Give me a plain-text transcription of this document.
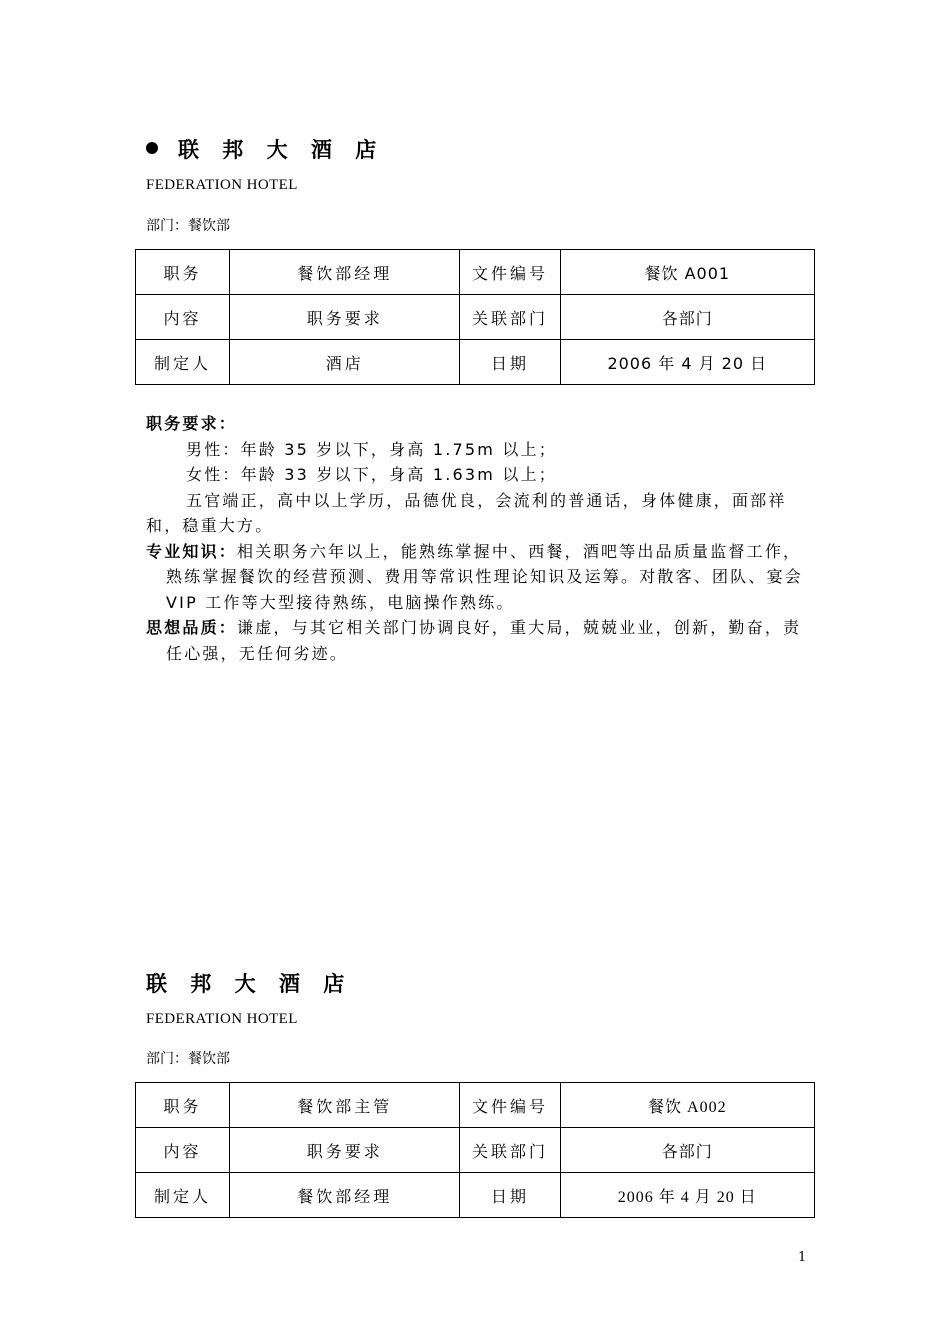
联 邦 大 酒 店
FEDERATION HOTEL
部门：餐饮部
职务	餐饮部经理	文件编号	餐饮 A001
内容	职务要求	关联部门	各部门
制定人	酒店	日期	2006 年 4 月 20 日
职务要求：
男性：年龄 35 岁以下，身高 1.75m 以上；
女性：年龄 33 岁以下，身高 1.63m 以上；
五官端正，高中以上学历，品德优良，会流利的普通话，身体健康，面部祥和，稳重大方。
专业知识：相关职务六年以上，能熟练掌握中、西餐，酒吧等出品质量监督工作，熟练掌握餐饮的经营预测、费用等常识性理论知识及运筹。对散客、团队、宴会 VIP 工作等大型接待熟练，电脑操作熟练。
思想品质：谦虚，与其它相关部门协调良好，重大局，兢兢业业，创新，勤奋，责任心强，无任何劣迹。
联 邦 大 酒 店
FEDERATION HOTEL
部门：餐饮部
职务	餐饮部主管	文件编号	餐饮 A002
内容	职务要求	关联部门	各部门
制定人	餐饮部经理	日期	2006 年 4 月 20 日
1
